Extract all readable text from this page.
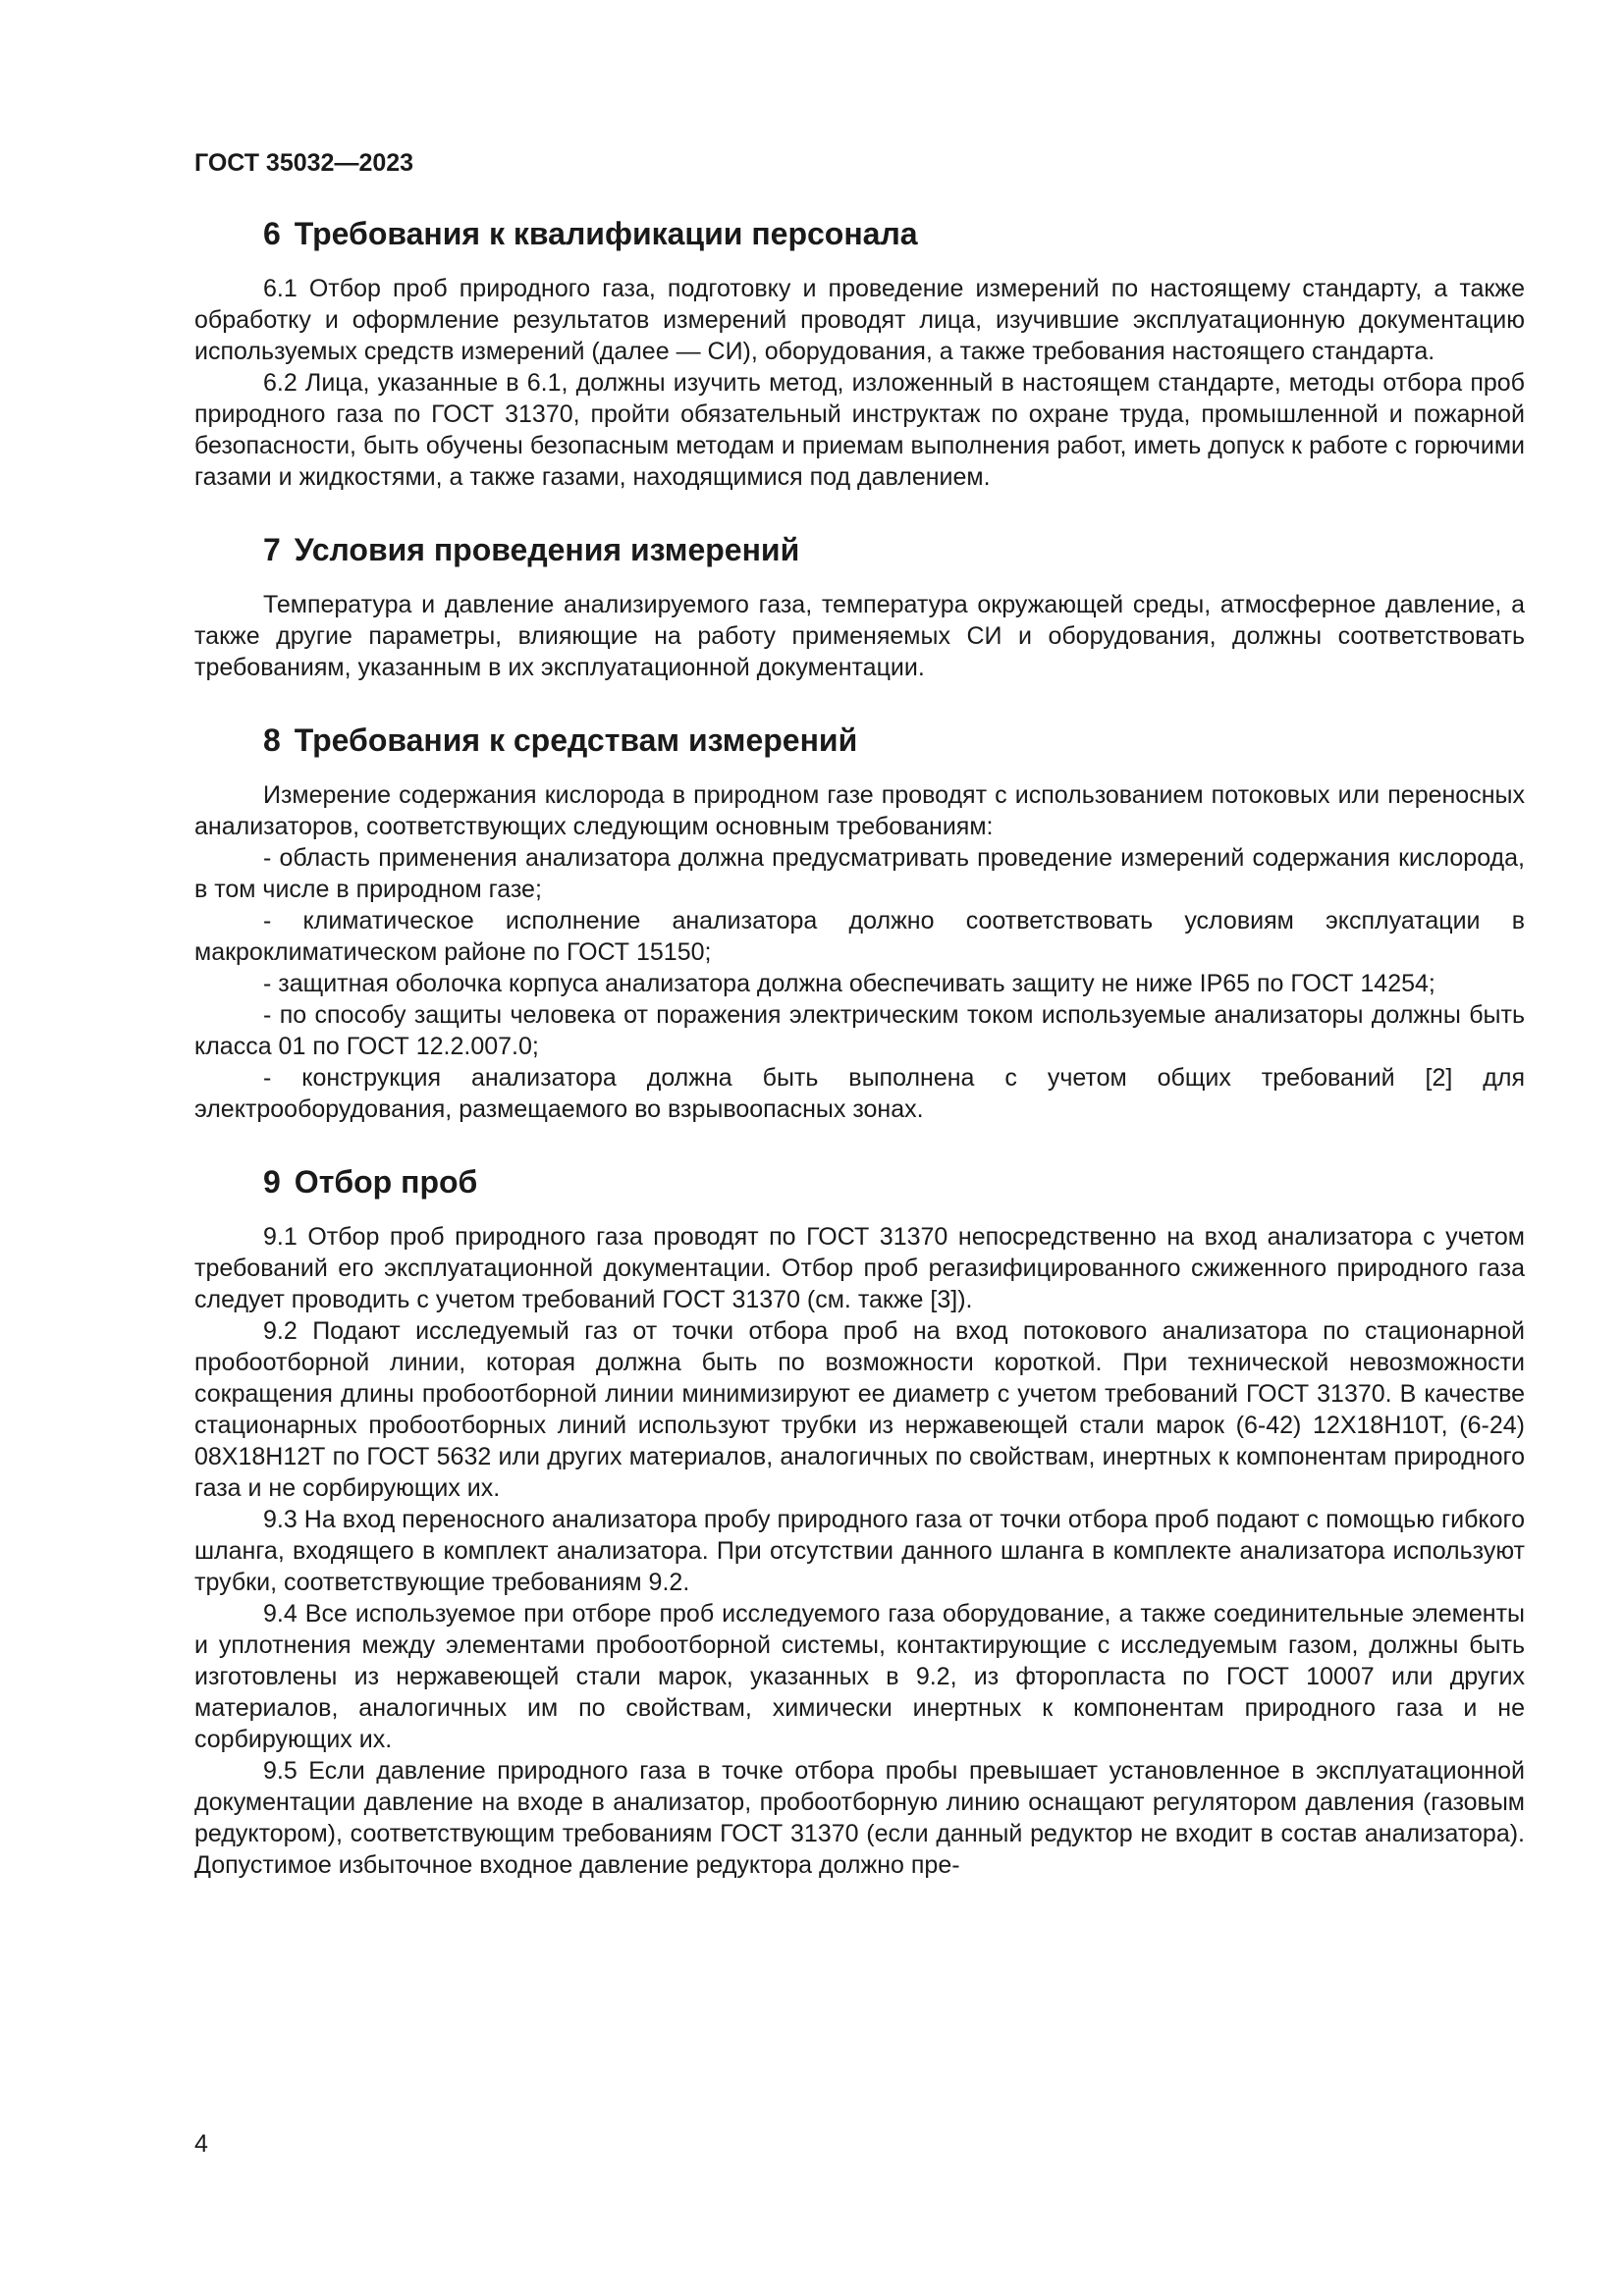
ГОСТ 35032—2023
6 Требования к квалификации персонала

6.1 Отбор проб природного газа, подготовку и проведение измерений по настоящему стандарту, а также обработку и оформление результатов измерений проводят лица, изучившие эксплуатационную документацию используемых средств измерений (далее — СИ), оборудования, а также требования настоящего стандарта.

6.2 Лица, указанные в 6.1, должны изучить метод, изложенный в настоящем стандарте, методы отбора проб природного газа по ГОСТ 31370, пройти обязательный инструктаж по охране труда, промышленной и пожарной безопасности, быть обучены безопасным методам и приемам выполнения работ, иметь допуск к работе с горючими газами и жидкостями, а также газами, находящимися под давлением.

7 Условия проведения измерений

Температура и давление анализируемого газа, температура окружающей среды, атмосферное давление, а также другие параметры, влияющие на работу применяемых СИ и оборудования, должны соответствовать требованиям, указанным в их эксплуатационной документации.

8 Требования к средствам измерений

Измерение содержания кислорода в природном газе проводят с использованием потоковых или переносных анализаторов, соответствующих следующим основным требованиям:

- область применения анализатора должна предусматривать проведение измерений содержания кислорода, в том числе в природном газе;

- климатическое исполнение анализатора должно соответствовать условиям эксплуатации в макроклиматическом районе по ГОСТ 15150;

- защитная оболочка корпуса анализатора должна обеспечивать защиту не ниже IP65 по ГОСТ 14254;

- по способу защиты человека от поражения электрическим током используемые анализаторы должны быть класса 01 по ГОСТ 12.2.007.0;

- конструкция анализатора должна быть выполнена с учетом общих требований [2] для электрооборудования, размещаемого во взрывоопасных зонах.

9 Отбор проб

9.1 Отбор проб природного газа проводят по ГОСТ 31370 непосредственно на вход анализатора с учетом требований его эксплуатационной документации. Отбор проб регазифицированного сжиженного природного газа следует проводить с учетом требований ГОСТ 31370 (см. также [3]).

9.2 Подают исследуемый газ от точки отбора проб на вход потокового анализатора по стационарной пробоотборной линии, которая должна быть по возможности короткой. При технической невозможности сокращения длины пробоотборной линии минимизируют ее диаметр с учетом требований ГОСТ 31370. В качестве стационарных пробоотборных линий используют трубки из нержавеющей стали марок (6-42) 12Х18Н10Т, (6-24) 08Х18Н12Т по ГОСТ 5632 или других материалов, аналогичных по свойствам, инертных к компонентам природного газа и не сорбирующих их.

9.3 На вход переносного анализатора пробу природного газа от точки отбора проб подают с помощью гибкого шланга, входящего в комплект анализатора. При отсутствии данного шланга в комплекте анализатора используют трубки, соответствующие требованиям 9.2.

9.4 Все используемое при отборе проб исследуемого газа оборудование, а также соединительные элементы и уплотнения между элементами пробоотборной системы, контактирующие с исследуемым газом, должны быть изготовлены из нержавеющей стали марок, указанных в 9.2, из фторопласта по ГОСТ 10007 или других материалов, аналогичных им по свойствам, химически инертных к компонентам природного газа и не сорбирующих их.

9.5 Если давление природного газа в точке отбора пробы превышает установленное в эксплуатационной документации давление на входе в анализатор, пробоотборную линию оснащают регулятором давления (газовым редуктором), соответствующим требованиям ГОСТ 31370 (если данный редуктор не входит в состав анализатора). Допустимое избыточное входное давление редуктора должно пре-

4
